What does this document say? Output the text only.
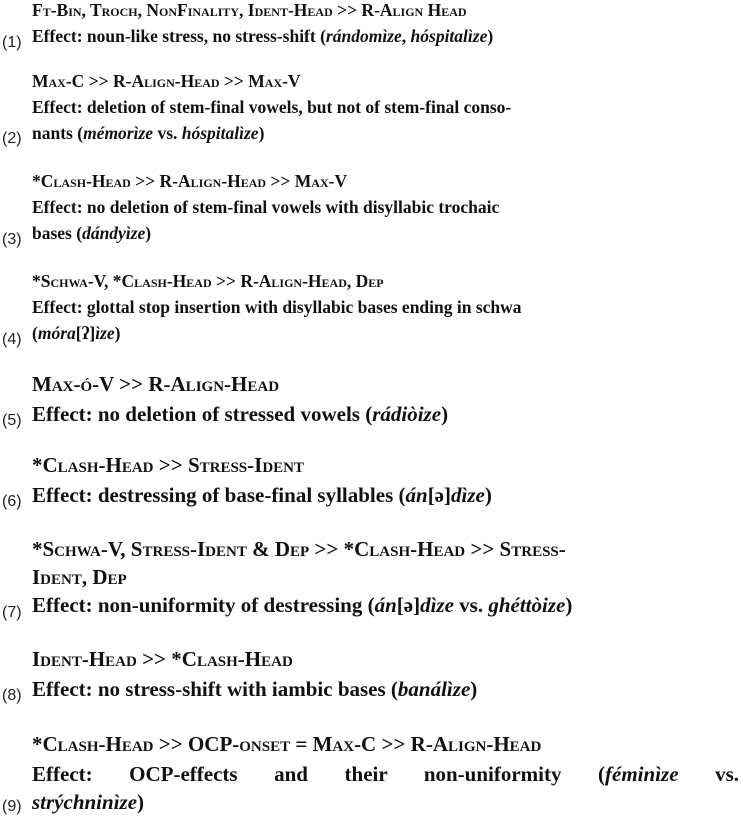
Ft-Bin, Troch, NonFinality, Ident-Head >> R-Align Head
Effect: noun-like stress, no stress-shift (rándomìze, hóspitalìze)
(1)
Max-C >> R-Align-Head >> Max-V
Effect: deletion of stem-final vowels, but not of stem-final conso-
nants (mémorìze vs. hóspitalìze)
(2)
*Clash-Head >> R-Align-Head >> Max-V
Effect: no deletion of stem-final vowels with disyllabic trochaic
bases (dándyìze)
(3)
*Schwa-V, *Clash-Head >> R-Align-Head, Dep
Effect: glottal stop insertion with disyllabic bases ending in schwa
(móra[ʔ]ìze)
(4)
Max-ó-V >> R-Align-Head
Effect: no deletion of stressed vowels (rádiòize)
(5)
*Clash-Head >> Stress-Ident
Effect: destressing of base-final syllables (án[ə]dìze)
(6)
*Schwa-V, Stress-Ident & Dep >> *Clash-Head >> Stress-
Ident, Dep
Effect: non-uniformity of destressing (án[ə]dìze vs. ghéttòize)
(7)
Ident-Head >> *Clash-Head
Effect: no stress-shift with iambic bases (banálìze)
(8)
*Clash-Head >> OCP-onset = Max-C >> R-Align-Head
Effect: OCP-effects and their non-uniformity (féminìze vs.
strýchninìze)
(9)
